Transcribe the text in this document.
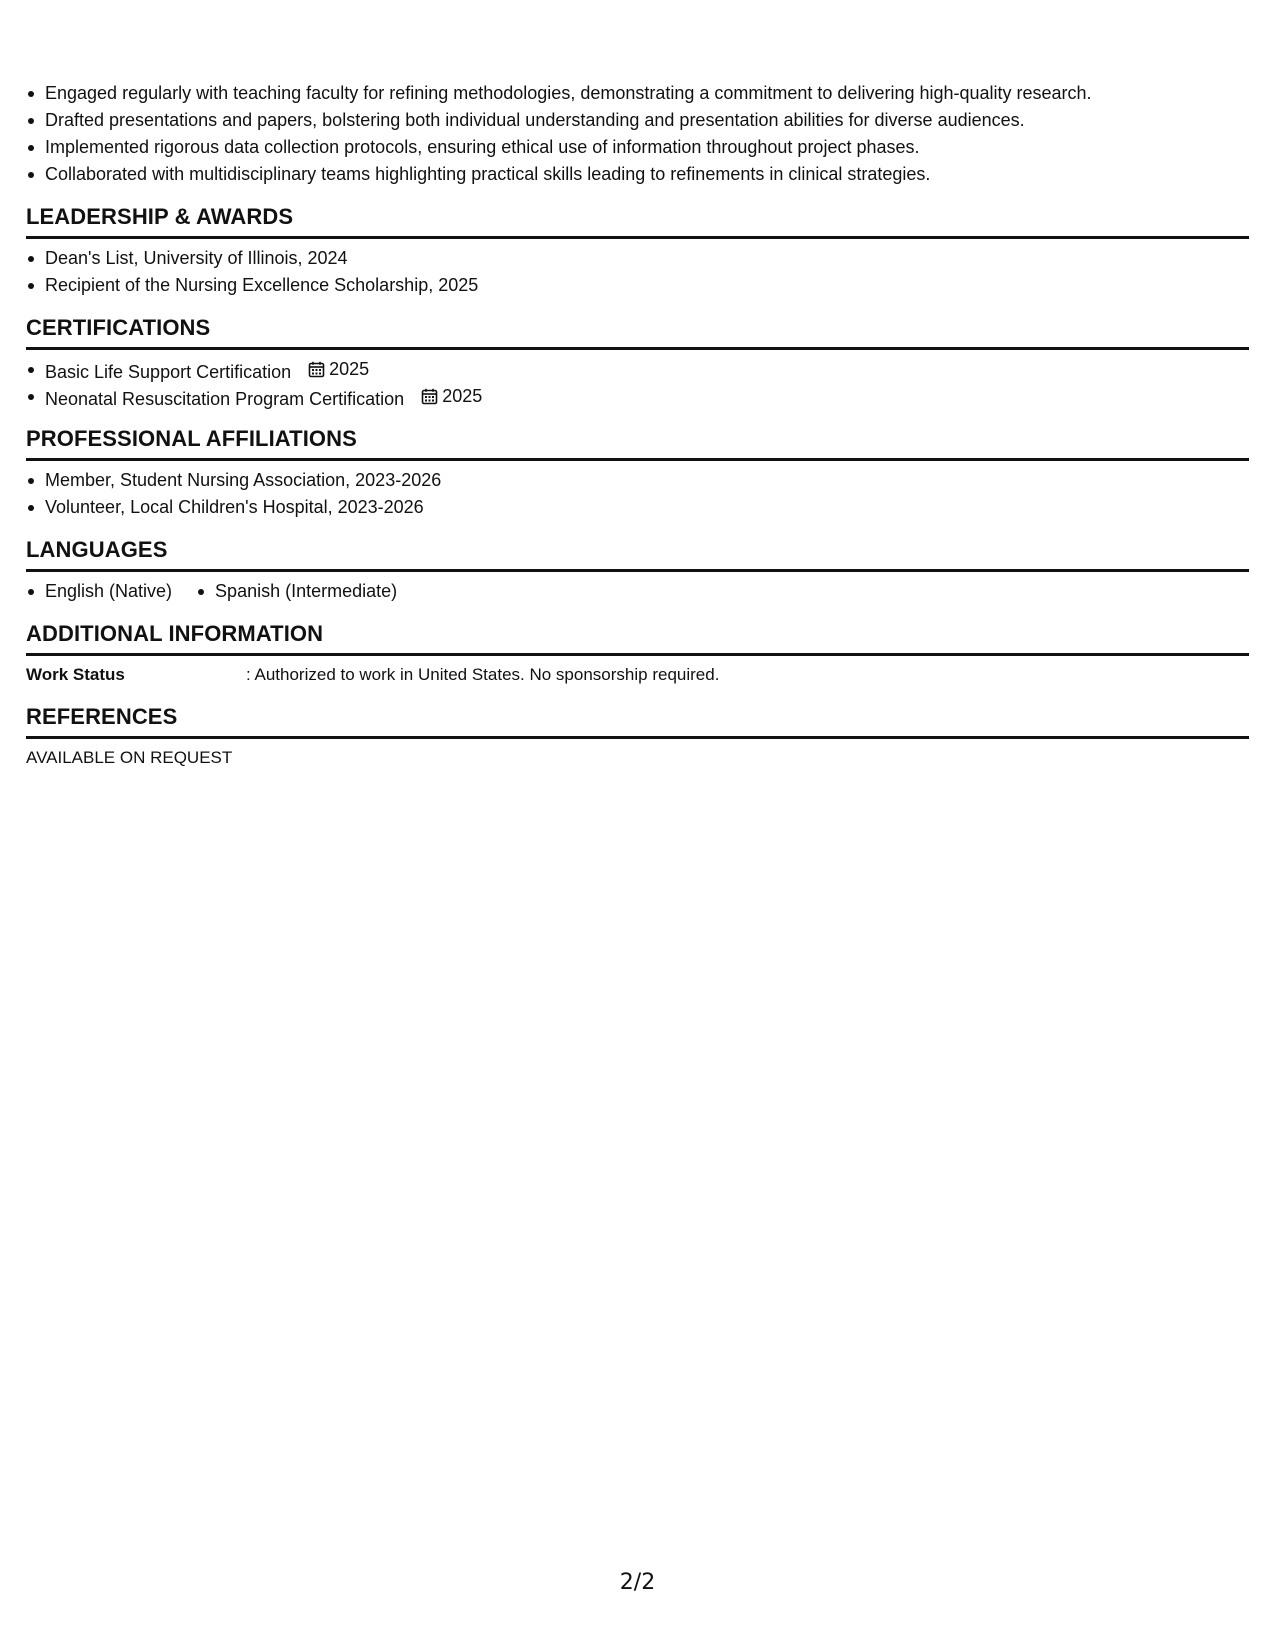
Engaged regularly with teaching faculty for refining methodologies, demonstrating a commitment to delivering high-quality research.
Drafted presentations and papers, bolstering both individual understanding and presentation abilities for diverse audiences.
Implemented rigorous data collection protocols, ensuring ethical use of information throughout project phases.
Collaborated with multidisciplinary teams highlighting practical skills leading to refinements in clinical strategies.
LEADERSHIP & AWARDS
Dean's List, University of Illinois, 2024
Recipient of the Nursing Excellence Scholarship, 2025
CERTIFICATIONS
Basic Life Support Certification 2025
Neonatal Resuscitation Program Certification 2025
PROFESSIONAL AFFILIATIONS
Member, Student Nursing Association, 2023-2026
Volunteer, Local Children's Hospital, 2023-2026
LANGUAGES
English (Native)	Spanish (Intermediate)
ADDITIONAL INFORMATION
Work Status	: Authorized to work in United States. No sponsorship required.
REFERENCES
AVAILABLE ON REQUEST
2/2
